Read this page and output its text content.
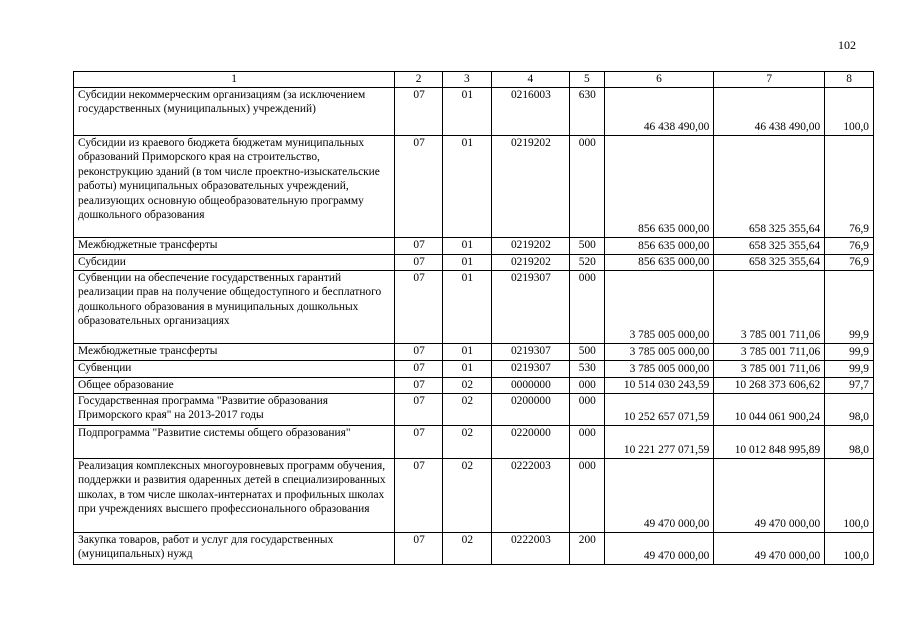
102
1	2	3	4	5	6	7	8
Субсидии некоммерческим организациям (за исключением государственных (муниципальных) учреждений)	07	01	0216003	630	46 438 490,00	46 438 490,00	100,0
Субсидии из краевого бюджета бюджетам муниципальных образований Приморского края на строительство, реконструкцию зданий (в том числе проектно-изыскательские работы) муниципальных образовательных учреждений, реализующих основную общеобразовательную программу дошкольного образования	07	01	0219202	000	856 635 000,00	658 325 355,64	76,9
Межбюджетные трансферты	07	01	0219202	500	856 635 000,00	658 325 355,64	76,9
Субсидии	07	01	0219202	520	856 635 000,00	658 325 355,64	76,9
Субвенции на обеспечение государственных гарантий реализации прав на получение общедоступного и бесплатного дошкольного образования в муниципальных дошкольных образовательных организациях	07	01	0219307	000	3 785 005 000,00	3 785 001 711,06	99,9
Межбюджетные трансферты	07	01	0219307	500	3 785 005 000,00	3 785 001 711,06	99,9
Субвенции	07	01	0219307	530	3 785 005 000,00	3 785 001 711,06	99,9
Общее образование	07	02	0000000	000	10 514 030 243,59	10 268 373 606,62	97,7
Государственная программа "Развитие образования Приморского края" на 2013-2017 годы	07	02	0200000	000	10 252 657 071,59	10 044 061 900,24	98,0
Подпрограмма "Развитие системы общего образования"	07	02	0220000	000	10 221 277 071,59	10 012 848 995,89	98,0
Реализация комплексных многоуровневых программ обучения, поддержки и развития одаренных детей в специализированных школах, в том числе школах-интернатах и профильных школах при учреждениях высшего профессионального образования	07	02	0222003	000	49 470 000,00	49 470 000,00	100,0
Закупка товаров, работ и услуг для государственных (муниципальных) нужд	07	02	0222003	200	49 470 000,00	49 470 000,00	100,0
